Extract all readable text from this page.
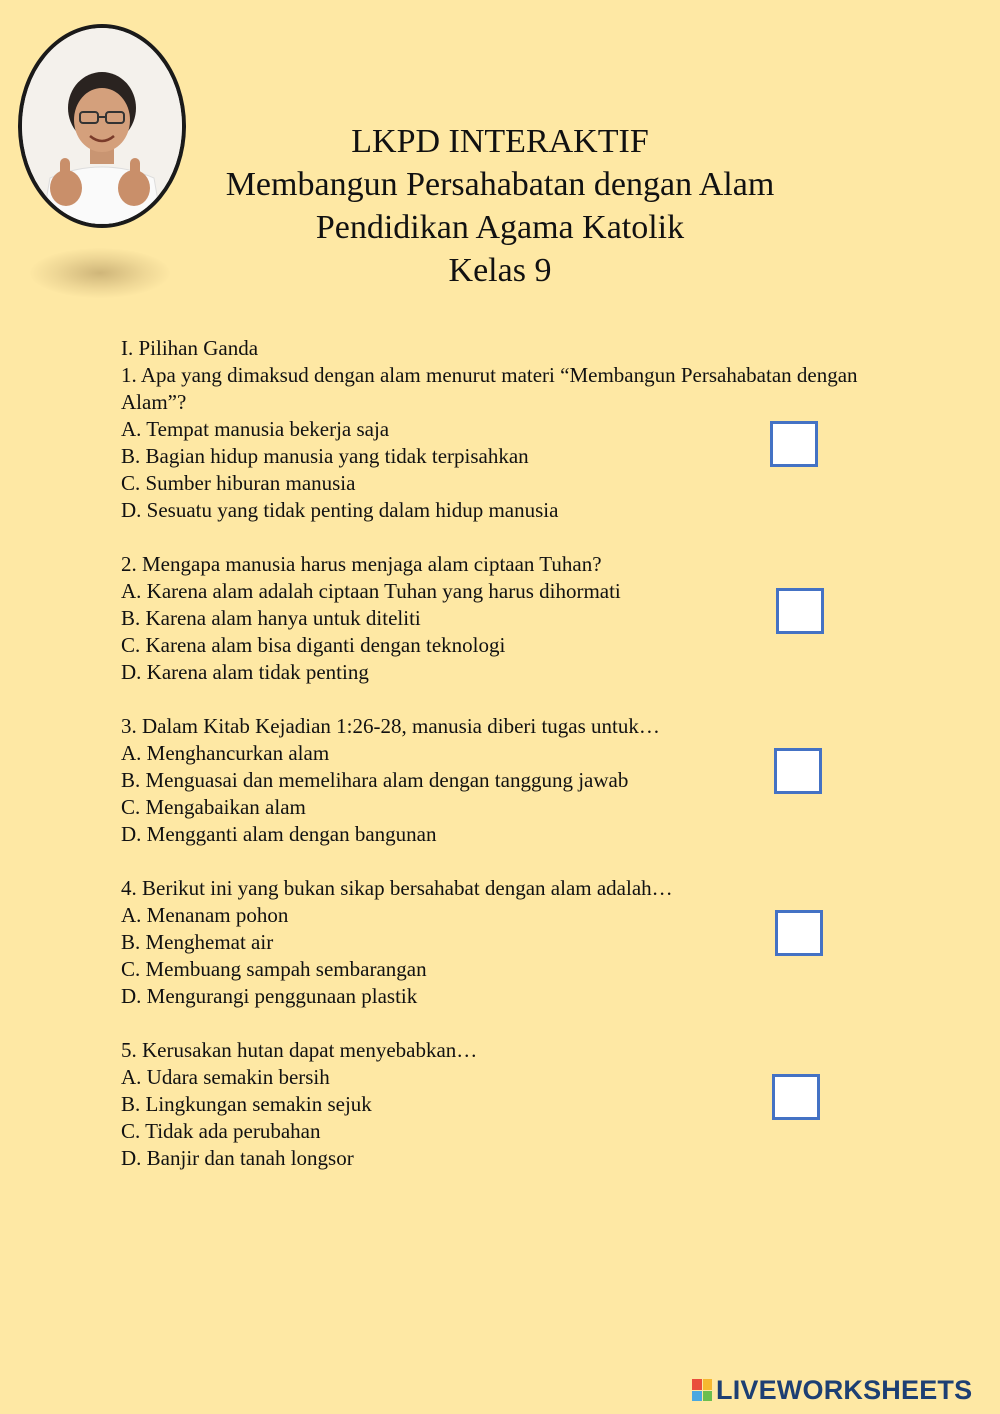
LKPD INTERAKTIF
Membangun Persahabatan dengan Alam
Pendidikan Agama Katolik
Kelas 9

I. Pilihan Ganda

1. Apa yang dimaksud dengan alam menurut materi “Membangun Persahabatan dengan Alam”?

A. Tempat manusia bekerja saja

B. Bagian hidup manusia yang tidak terpisahkan

C. Sumber hiburan manusia

D. Sesuatu yang tidak penting dalam hidup manusia

2. Mengapa manusia harus menjaga alam ciptaan Tuhan?

A. Karena alam adalah ciptaan Tuhan yang harus dihormati

B. Karena alam hanya untuk diteliti

C. Karena alam bisa diganti dengan teknologi

D. Karena alam tidak penting

3. Dalam Kitab Kejadian 1:26-28, manusia diberi tugas untuk…

A. Menghancurkan alam

B. Menguasai dan memelihara alam dengan tanggung jawab

C. Mengabaikan alam

D. Mengganti alam dengan bangunan

4. Berikut ini yang bukan sikap bersahabat dengan alam adalah…

A. Menanam pohon

B. Menghemat air

C. Membuang sampah sembarangan

D. Mengurangi penggunaan plastik

5. Kerusakan hutan dapat menyebabkan…

A. Udara semakin bersih

B. Lingkungan semakin sejuk

C. Tidak ada perubahan

D. Banjir dan tanah longsor

LIVEWORKSHEETS
